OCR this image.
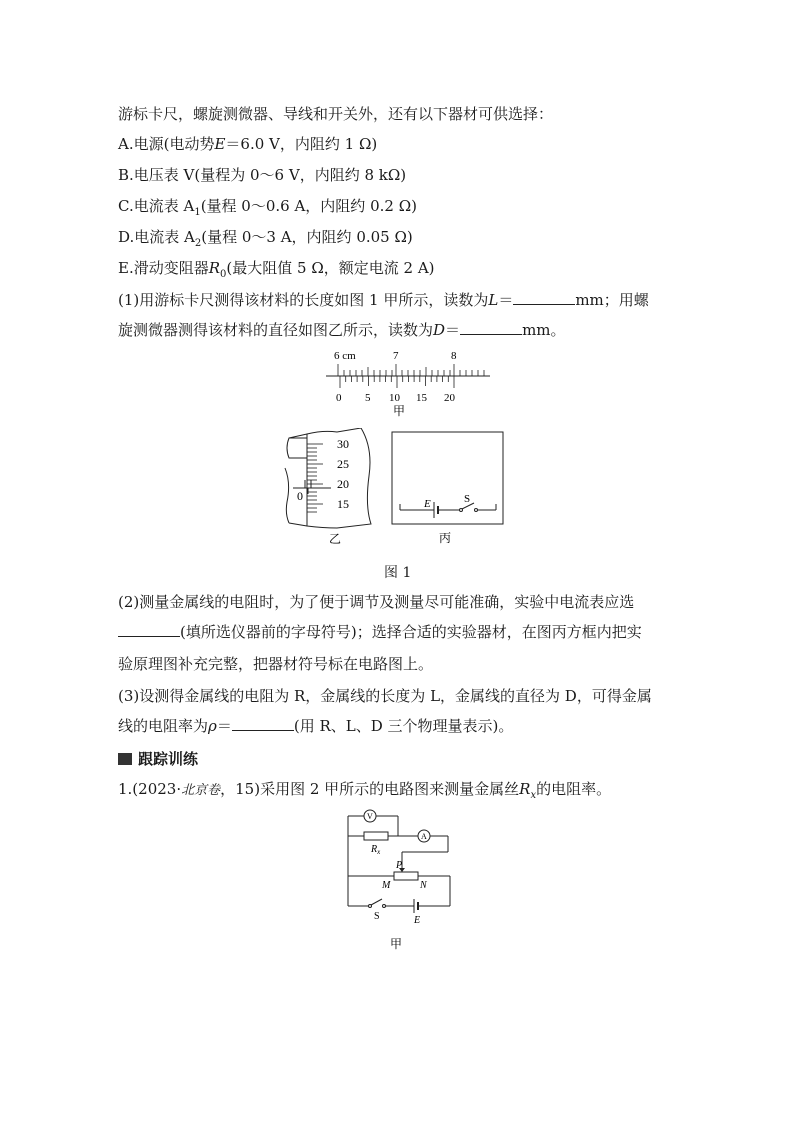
游标卡尺，螺旋测微器、导线和开关外，还有以下器材可供选择：
A.电源(电动势E＝6.0 V，内阻约 1 Ω)
B.电压表 V(量程为 0～6 V，内阻约 8 kΩ)
C.电流表 $A_1$(量程 0～0.6 A，内阻约 0.2 Ω)
D.电流表 $A_2$(量程 0～3 A，内阻约 0.05 Ω)
E.滑动变阻器$R_0$(最大阻值 5 Ω，额定电流 2 A)
(1)用游标卡尺测得该材料的长度如图 1 甲所示，读数为L＝	mm；用螺
旋测微器测得该材料的直径如图乙所示，读数为D＝	mm。
6 cm	7	8
0 5 10 15 20
甲
30
25
20
15
0
乙
E	S
丙
图 1
(2)测量金属线的电阻时，为了便于调节及测量尽可能准确，实验中电流表应选
(填所选仪器前的字母符号)；选择合适的实验器材，在图丙方框内把实
验原理图补充完整，把器材符号标在电路图上。
(3)设测得金属线的电阻为 R，金属线的长度为 L，金属线的直径为 D，可得金属
线的电阻率为ρ＝	(用 R、L、D 三个物理量表示)。
跟踪训练
1.(2023·北京卷，15)采用图 2 甲所示的电路图来测量金属丝$R_x$的电阻率。
V
A
$R_x$
P
M	N
S	E
甲
